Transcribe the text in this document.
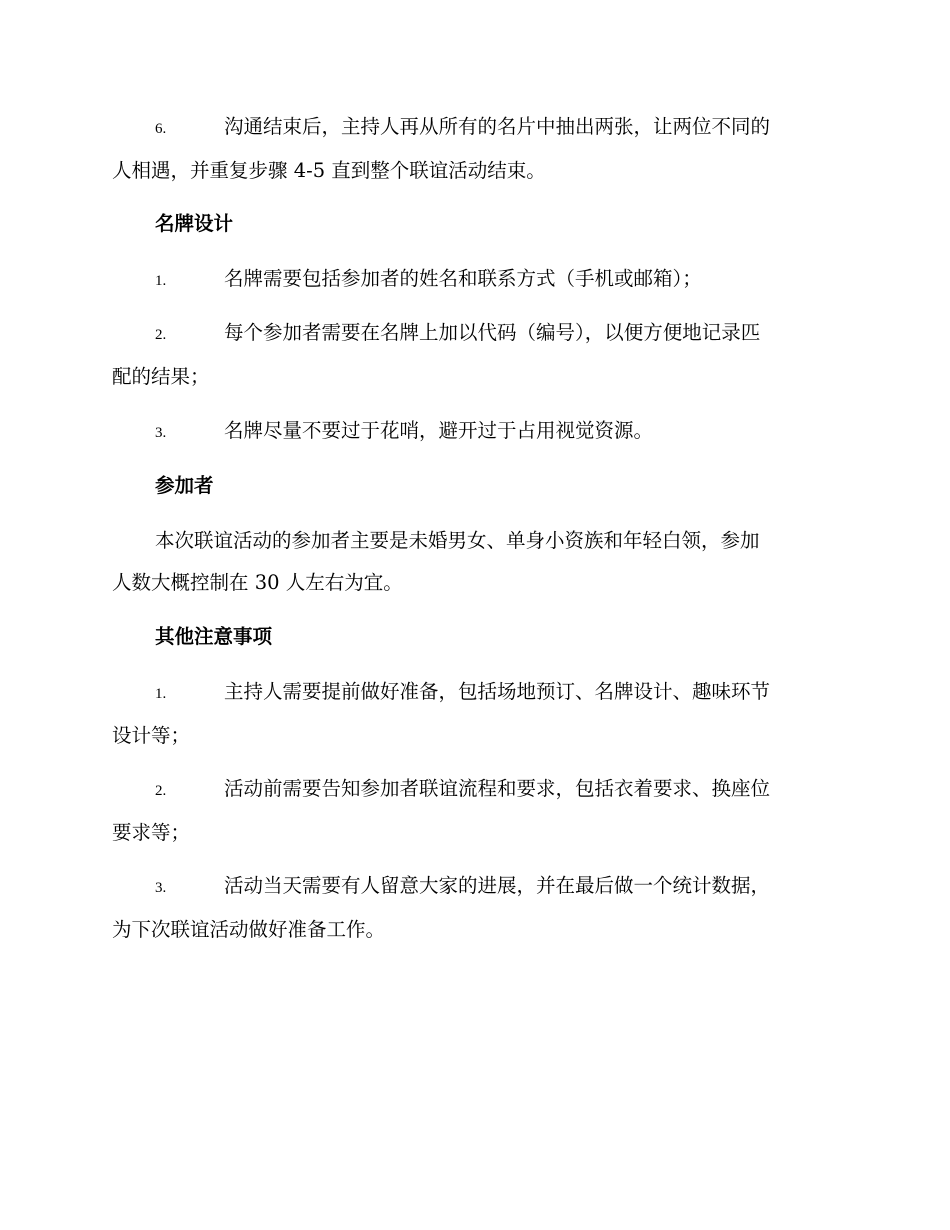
6.	沟通结束后，主持人再从所有的名片中抽出两张，让两位不同的
人相遇，并重复步骤 4-5 直到整个联谊活动结束。
名牌设计
1.	名牌需要包括参加者的姓名和联系方式（手机或邮箱）；
2.	每个参加者需要在名牌上加以代码（编号），以便方便地记录匹
配的结果；
3.	名牌尽量不要过于花哨，避开过于占用视觉资源。
参加者
本次联谊活动的参加者主要是未婚男女、单身小资族和年轻白领，参加
人数大概控制在 30 人左右为宜。
其他注意事项
1.	主持人需要提前做好准备，包括场地预订、名牌设计、趣味环节
设计等；
2.	活动前需要告知参加者联谊流程和要求，包括衣着要求、换座位
要求等；
3.	活动当天需要有人留意大家的进展，并在最后做一个统计数据，
为下次联谊活动做好准备工作。
